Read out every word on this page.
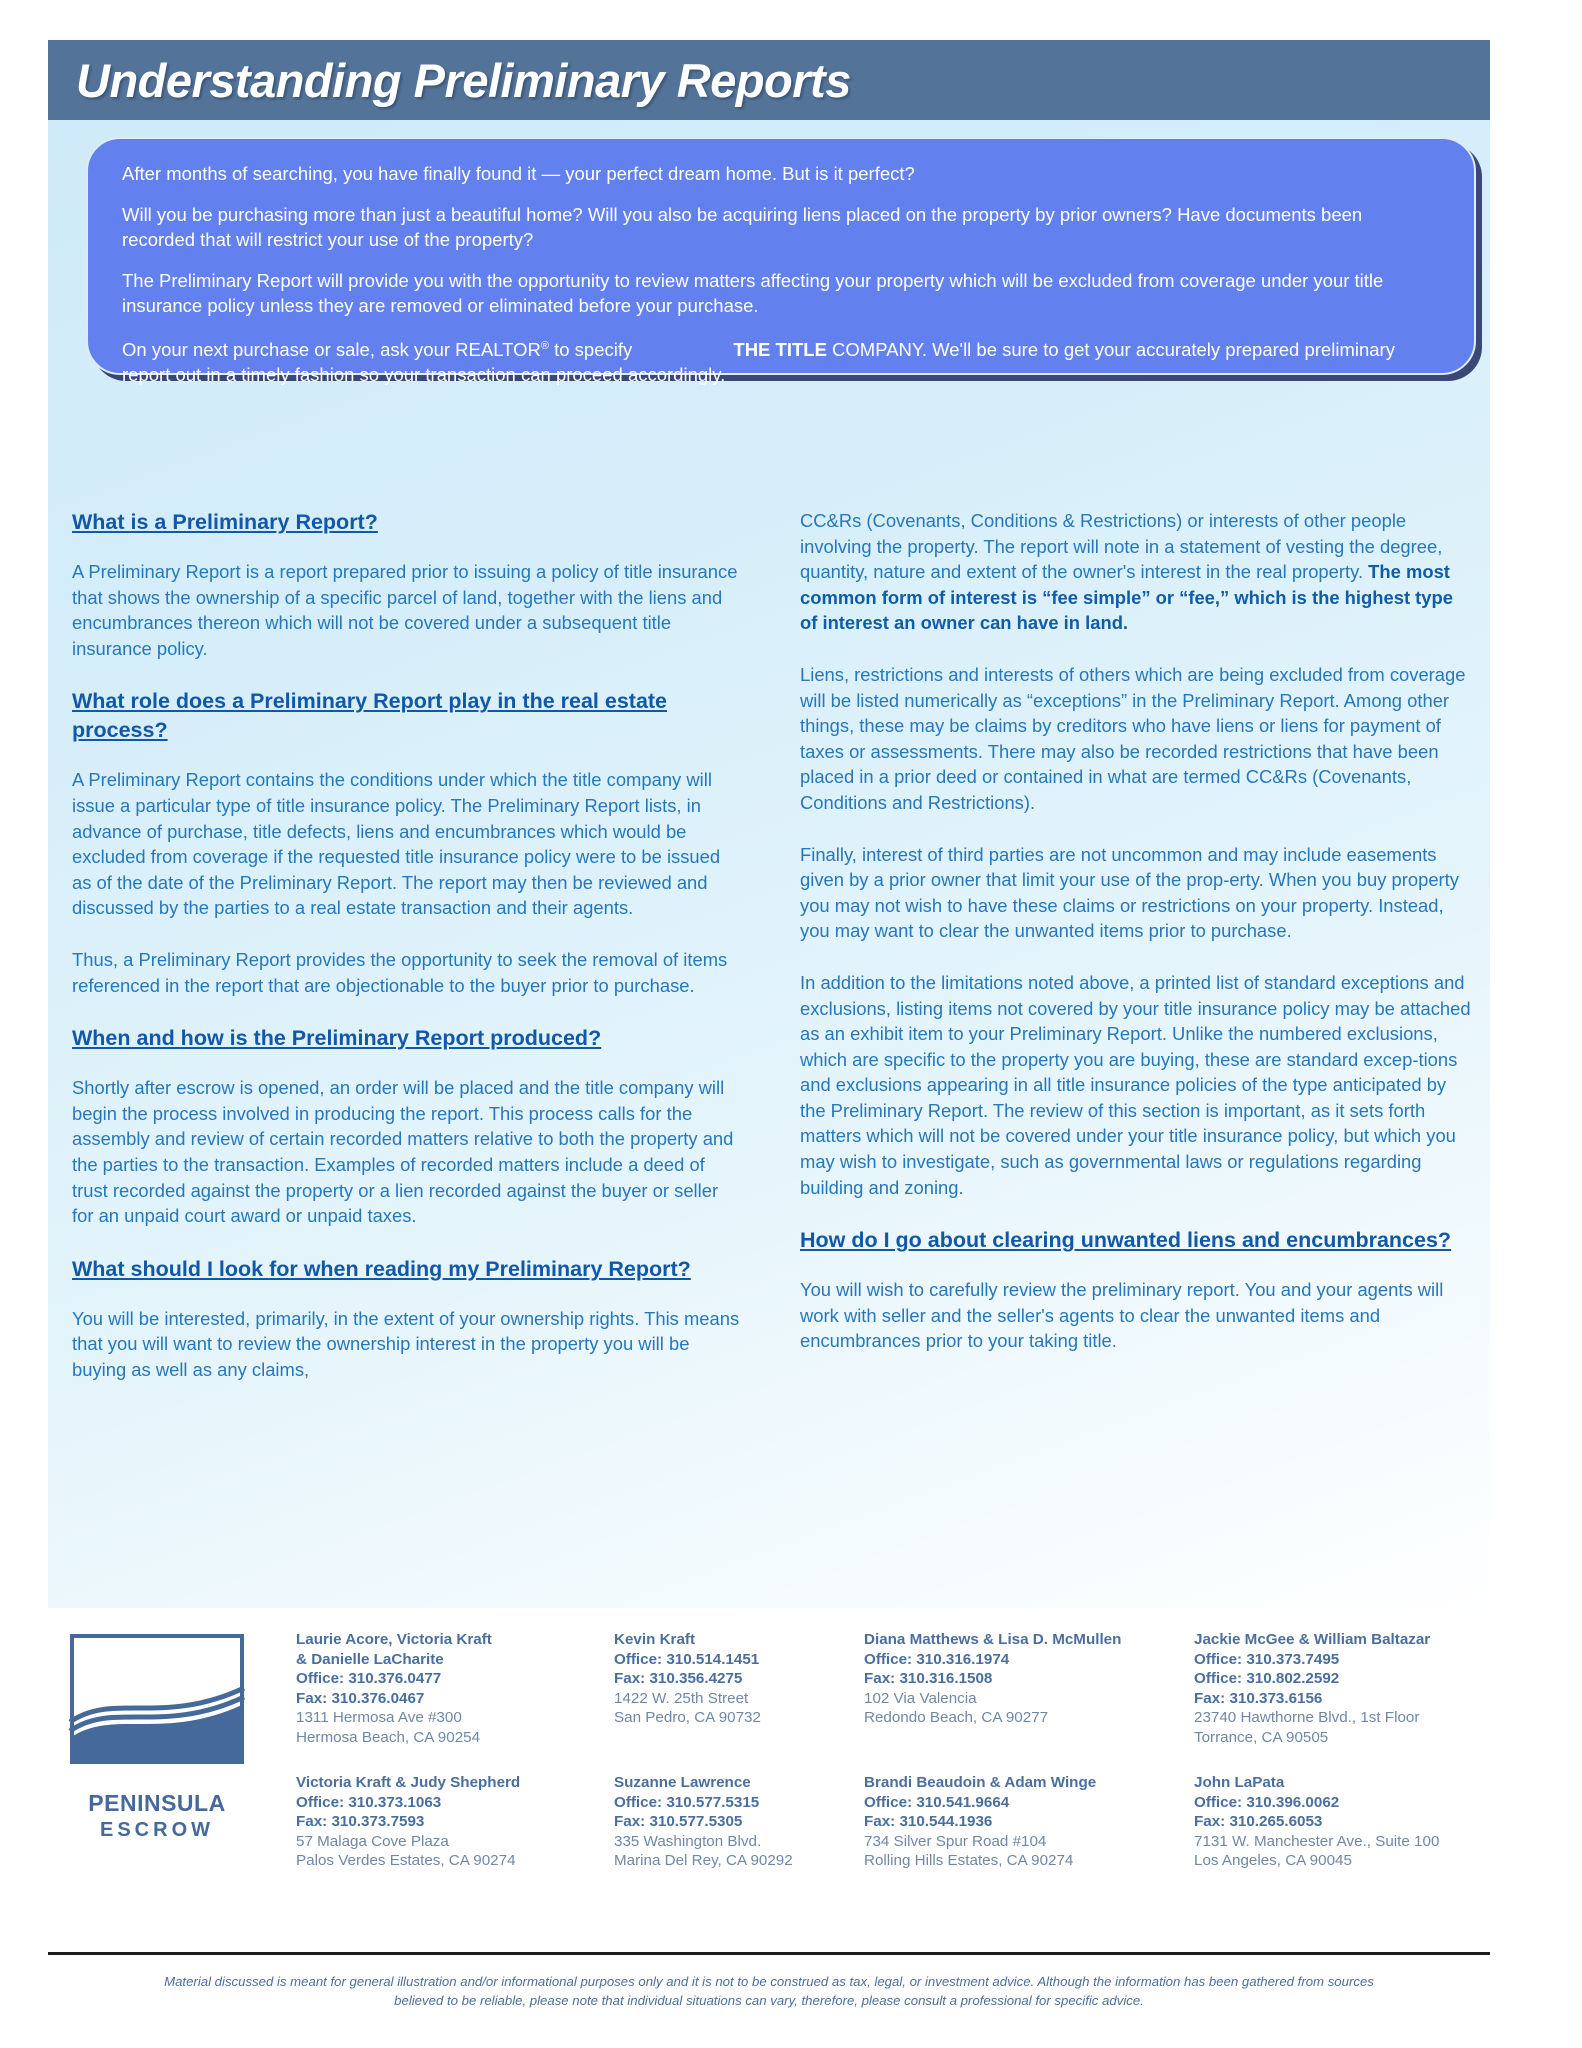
Understanding Preliminary Reports

After months of searching, you have finally found it — your perfect dream home. But is it perfect?

Will you be purchasing more than just a beautiful home? Will you also be acquiring liens placed on the property by prior owners? Have documents been recorded that will restrict your use of the property?

The Preliminary Report will provide you with the opportunity to review matters affecting your property which will be excluded from coverage under your title insurance policy unless they are removed or eliminated before your purchase.

On your next purchase or sale, ask your REALTOR® to specify	THE TITLE COMPANY. We'll be sure to get your accurately prepared preliminary report out in a timely fashion so your transaction can proceed accordingly.

What is a Preliminary Report?

A Preliminary Report is a report prepared prior to issuing a policy of title insurance that shows the ownership of a specific parcel of land, together with the liens and encumbrances thereon which will not be covered under a subsequent title insurance policy.

What role does a Preliminary Report play in the real estate process?

A Preliminary Report contains the conditions under which the title company will issue a particular type of title insurance policy. The Preliminary Report lists, in advance of purchase, title defects, liens and encumbrances which would be excluded from coverage if the requested title insurance policy were to be issued as of the date of the Preliminary Report. The report may then be reviewed and discussed by the parties to a real estate transaction and their agents.

Thus, a Preliminary Report provides the opportunity to seek the removal of items referenced in the report that are objectionable to the buyer prior to purchase.

When and how is the Preliminary Report produced?

Shortly after escrow is opened, an order will be placed and the title company will begin the process involved in producing the report. This process calls for the assembly and review of certain recorded matters relative to both the property and the parties to the transaction. Examples of recorded matters include a deed of trust recorded against the property or a lien recorded against the buyer or seller for an unpaid court award or unpaid taxes.

What should I look for when reading my Preliminary Report?

You will be interested, primarily, in the extent of your ownership rights. This means that you will want to review the ownership interest in the property you will be buying as well as any claims,

CC&Rs (Covenants, Conditions & Restrictions) or interests of other people involving the property. The report will note in a statement of vesting the degree, quantity, nature and extent of the owner's interest in the real property. The most common form of interest is “fee simple” or “fee,” which is the highest type of interest an owner can have in land.

Liens, restrictions and interests of others which are being excluded from coverage will be listed numerically as “exceptions” in the Preliminary Report. Among other things, these may be claims by creditors who have liens or liens for payment of taxes or assessments. There may also be recorded restrictions that have been placed in a prior deed or contained in what are termed CC&Rs (Covenants, Conditions and Restrictions).

Finally, interest of third parties are not uncommon and may include easements given by a prior owner that limit your use of the prop-erty. When you buy property you may not wish to have these claims or restrictions on your property. Instead, you may want to clear the unwanted items prior to purchase.

In addition to the limitations noted above, a printed list of standard exceptions and exclusions, listing items not covered by your title insurance policy may be attached as an exhibit item to your Preliminary Report. Unlike the numbered exclusions, which are specific to the property you are buying, these are standard excep-tions and exclusions appearing in all title insurance policies of the type anticipated by the Preliminary Report. The review of this section is important, as it sets forth matters which will not be covered under your title insurance policy, but which you may wish to investigate, such as governmental laws or regulations regarding building and zoning.

How do I go about clearing unwanted liens and encumbrances?

You will wish to carefully review the preliminary report. You and your agents will work with seller and the seller's agents to clear the unwanted items and encumbrances prior to your taking title.

PENINSULA
ESCROW
Laurie Acore, Victoria Kraft
& Danielle LaCharite
Office: 310.376.0477
Fax: 310.376.0467
1311 Hermosa Ave #300
Hermosa Beach, CA 90254
Kevin Kraft
Office: 310.514.1451
Fax: 310.356.4275
1422 W. 25th Street
San Pedro, CA 90732
Diana Matthews & Lisa D. McMullen
Office: 310.316.1974
Fax: 310.316.1508
102 Via Valencia
Redondo Beach, CA 90277
Jackie McGee & William Baltazar
Office: 310.373.7495
Office: 310.802.2592
Fax: 310.373.6156
23740 Hawthorne Blvd., 1st Floor
Torrance, CA 90505
Victoria Kraft & Judy Shepherd
Office: 310.373.1063
Fax: 310.373.7593
57 Malaga Cove Plaza
Palos Verdes Estates, CA 90274
Suzanne Lawrence
Office: 310.577.5315
Fax: 310.577.5305
335 Washington Blvd.
Marina Del Rey, CA 90292
Brandi Beaudoin & Adam Winge
Office: 310.541.9664
Fax: 310.544.1936
734 Silver Spur Road #104
Rolling Hills Estates, CA 90274
John LaPata
Office: 310.396.0062
Fax: 310.265.6053
7131 W. Manchester Ave., Suite 100
Los Angeles, CA 90045
Material discussed is meant for general illustration and/or informational purposes only and it is not to be construed as tax, legal, or investment advice. Although the information has been gathered from sources believed to be reliable, please note that individual situations can vary, therefore, please consult a professional for specific advice.
